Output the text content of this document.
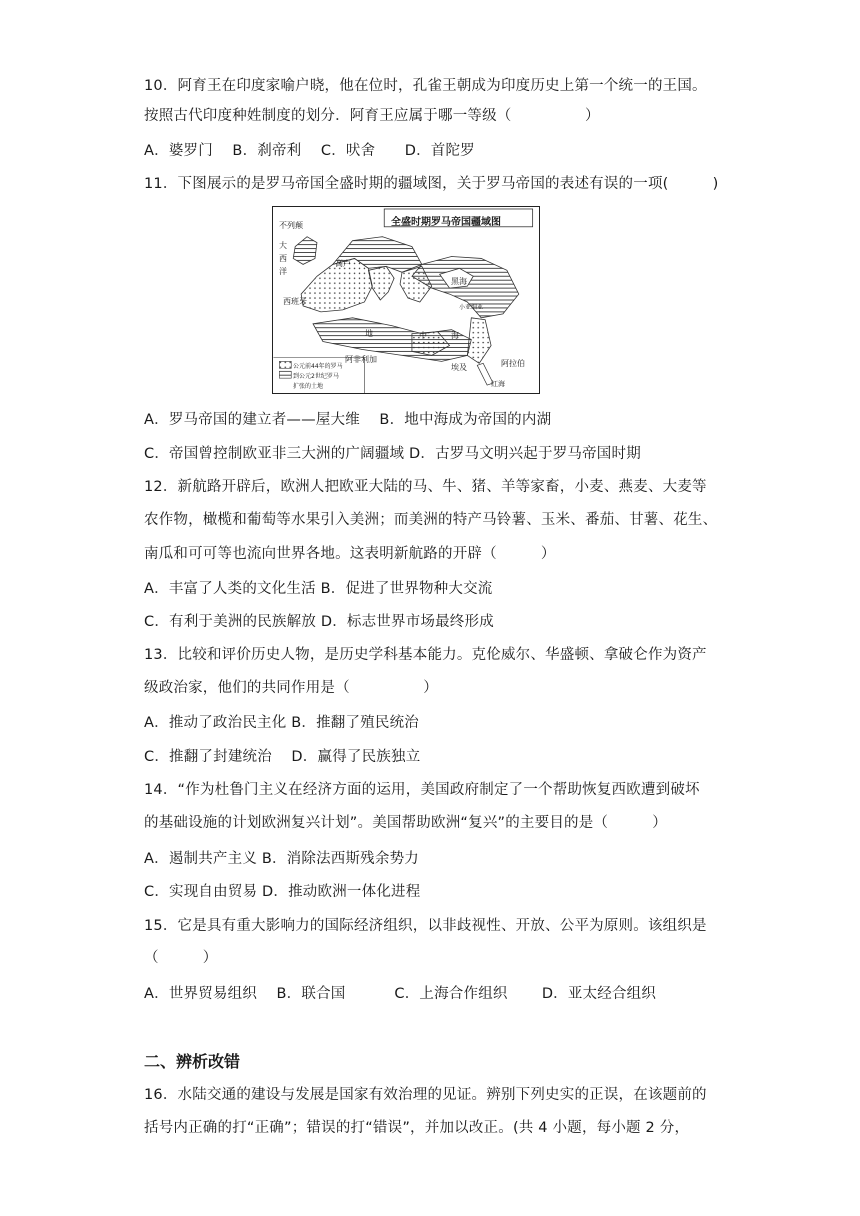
10．阿育王在印度家喻户晓，他在位时，孔雀王朝成为印度历史上第一个统一的王国。
按照古代印度种姓制度的划分．阿育王应属于哪一等级（　　　　　）
A．婆罗门　 B．刹帝利　 C．吠舍　　D．首陀罗
11．下图展示的是罗马帝国全盛时期的疆域图，关于罗马帝国的表述有误的一项(　　　)
全盛时期罗马帝国疆域图
不列颠
大西洋
高卢
西班牙
黑海
小亚细亚
地	中	海
阿非利加	阿拉伯
埃及
红海
公元前44年的罗马
到公元2世纪罗马
扩张的土地
A．罗马帝国的建立者——屋大维　 B．地中海成为帝国的内湖
C．帝国曾控制欧亚非三大洲的广阔疆域 D．古罗马文明兴起于罗马帝国时期
12．新航路开辟后，欧洲人把欧亚大陆的马、牛、猪、羊等家畜，小麦、燕麦、大麦等
农作物，橄榄和葡萄等水果引入美洲；而美洲的特产马铃薯、玉米、番茄、甘薯、花生、
南瓜和可可等也流向世界各地。这表明新航路的开辟（　　　）
A．丰富了人类的文化生活 B．促进了世界物种大交流
C．有利于美洲的民族解放 D．标志世界市场最终形成
13．比较和评价历史人物，是历史学科基本能力。克伦威尔、华盛顿、拿破仑作为资产
级政治家，他们的共同作用是（　　　　　）
A．推动了政治民主化 B．推翻了殖民统治
C．推翻了封建统治　 D．赢得了民族独立
14．“作为杜鲁门主义在经济方面的运用，美国政府制定了一个帮助恢复西欧遭到破坏
的基础设施的计划欧洲复兴计划”。美国帮助欧洲“复兴”的主要目的是（　　　）
A．遏制共产主义 B．消除法西斯残余势力
C．实现自由贸易 D．推动欧洲一体化进程
15．它是具有重大影响力的国际经济组织，以非歧视性、开放、公平为原则。该组织是
（　　　）
A．世界贸易组织　 B．联合国　　　 C．上海合作组织　　 D．亚太经合组织
二、辨析改错
16．水陆交通的建设与发展是国家有效治理的见证。辨别下列史实的正误，在该题前的
括号内正确的打“正确”；错误的打“错误”，并加以改正。(共 4 小题，每小题 2 分，
